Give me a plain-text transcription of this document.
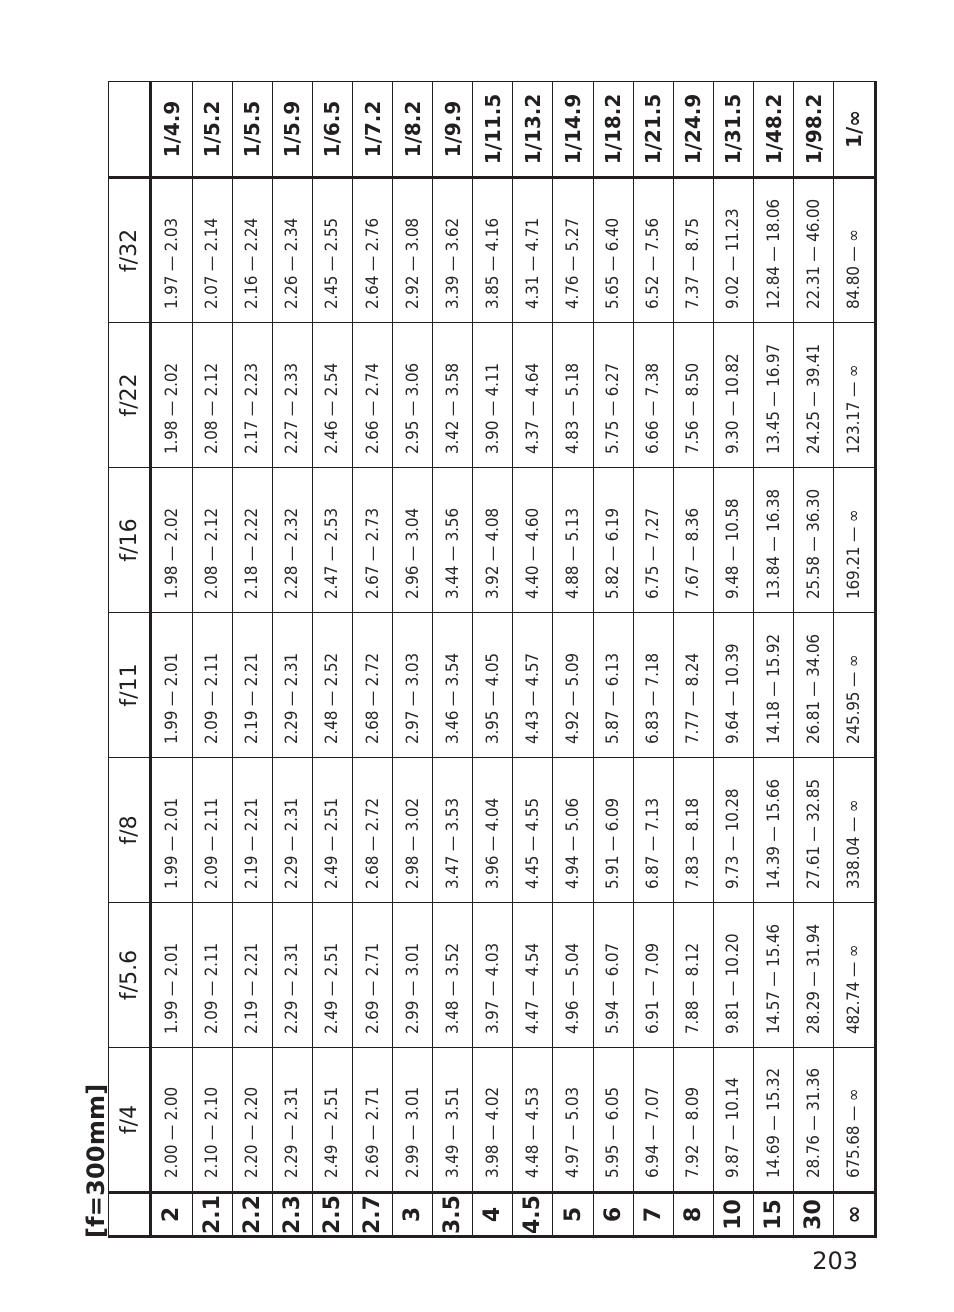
[f=300mm]
	f/4	f/5.6	f/8	f/11	f/16	f/22	f/32	
2	2.00 — 2.00	1.99 — 2.01	1.99 — 2.01	1.99 — 2.01	1.98 — 2.02	1.98 — 2.02	1.97 — 2.03	1/4.9
2.1	2.10 — 2.10	2.09 — 2.11	2.09 — 2.11	2.09 — 2.11	2.08 — 2.12	2.08 — 2.12	2.07 — 2.14	1/5.2
2.2	2.20 — 2.20	2.19 — 2.21	2.19 — 2.21	2.19 — 2.21	2.18 — 2.22	2.17 — 2.23	2.16 — 2.24	1/5.5
2.3	2.29 — 2.31	2.29 — 2.31	2.29 — 2.31	2.29 — 2.31	2.28 — 2.32	2.27 — 2.33	2.26 — 2.34	1/5.9
2.5	2.49 — 2.51	2.49 — 2.51	2.49 — 2.51	2.48 — 2.52	2.47 — 2.53	2.46 — 2.54	2.45 — 2.55	1/6.5
2.7	2.69 — 2.71	2.69 — 2.71	2.68 — 2.72	2.68 — 2.72	2.67 — 2.73	2.66 — 2.74	2.64 — 2.76	1/7.2
3	2.99 — 3.01	2.99 — 3.01	2.98 — 3.02	2.97 — 3.03	2.96 — 3.04	2.95 — 3.06	2.92 — 3.08	1/8.2
3.5	3.49 — 3.51	3.48 — 3.52	3.47 — 3.53	3.46 — 3.54	3.44 — 3.56	3.42 — 3.58	3.39 — 3.62	1/9.9
4	3.98 — 4.02	3.97 — 4.03	3.96 — 4.04	3.95 — 4.05	3.92 — 4.08	3.90 — 4.11	3.85 — 4.16	1/11.5
4.5	4.48 — 4.53	4.47 — 4.54	4.45 — 4.55	4.43 — 4.57	4.40 — 4.60	4.37 — 4.64	4.31 — 4.71	1/13.2
5	4.97 — 5.03	4.96 — 5.04	4.94 — 5.06	4.92 — 5.09	4.88 — 5.13	4.83 — 5.18	4.76 — 5.27	1/14.9
6	5.95 — 6.05	5.94 — 6.07	5.91 — 6.09	5.87 — 6.13	5.82 — 6.19	5.75 — 6.27	5.65 — 6.40	1/18.2
7	6.94 — 7.07	6.91 — 7.09	6.87 — 7.13	6.83 — 7.18	6.75 — 7.27	6.66 — 7.38	6.52 — 7.56	1/21.5
8	7.92 — 8.09	7.88 — 8.12	7.83 — 8.18	7.77 — 8.24	7.67 — 8.36	7.56 — 8.50	7.37 — 8.75	1/24.9
10	9.87 — 10.14	9.81 — 10.20	9.73 — 10.28	9.64 — 10.39	9.48 — 10.58	9.30 — 10.82	9.02 — 11.23	1/31.5
15	14.69 — 15.32	14.57 — 15.46	14.39 — 15.66	14.18 — 15.92	13.84 — 16.38	13.45 — 16.97	12.84 — 18.06	1/48.2
30	28.76 — 31.36	28.29 — 31.94	27.61 — 32.85	26.81 — 34.06	25.58 — 36.30	24.25 — 39.41	22.31 — 46.00	1/98.2
∞	675.68 — ∞	482.74 — ∞	338.04 — ∞	245.95 — ∞	169.21 — ∞	123.17 — ∞	84.80 — ∞	1/∞
203
